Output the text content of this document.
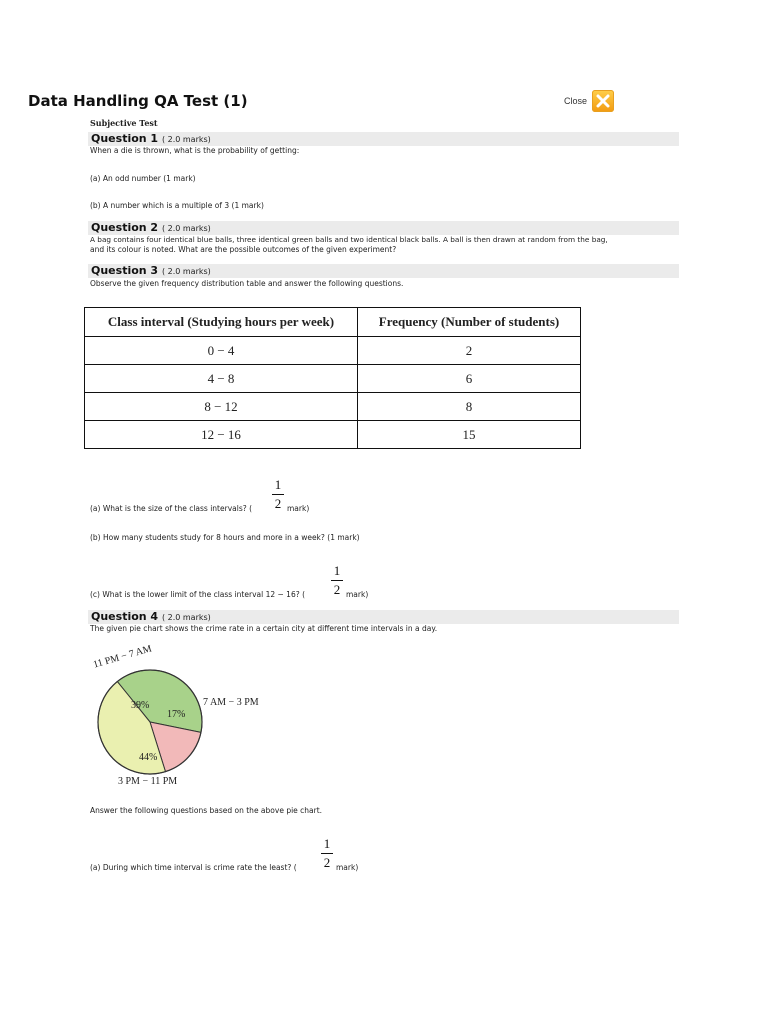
Data Handling QA Test (1)	Close
Subjective Test
Question 1 ( 2.0 marks)
When a die is thrown, what is the probability of getting:
(a) An odd number (1 mark)
(b) A number which is a multiple of 3 (1 mark)
Question 2 ( 2.0 marks)
A bag contains four identical blue balls, three identical green balls and two identical black balls. A ball is then drawn at random from the bag,
and its colour is noted. What are the possible outcomes of the given experiment?
Question 3 ( 2.0 marks)
Observe the given frequency distribution table and answer the following questions.
Class interval (Studying hours per week)	Frequency (Number of students)
0 − 4	2
4 − 8	6
8 − 12	8
12 − 16	15
(a) What is the size of the class intervals? (
1
2 mark)
(b) How many students study for 8 hours and more in a week? (1 mark)
(c) What is the lower limit of the class interval 12 − 16? (
1
2 mark)
Question 4 ( 2.0 marks)
The given pie chart shows the crime rate in a certain city at different time intervals in a day.
11 PM − 7 AM
7 AM − 3 PM
3 PM − 11 PM
39%
17%
44%
Answer the following questions based on the above pie chart.
(a) During which time interval is crime rate the least? (
1
2 mark)
